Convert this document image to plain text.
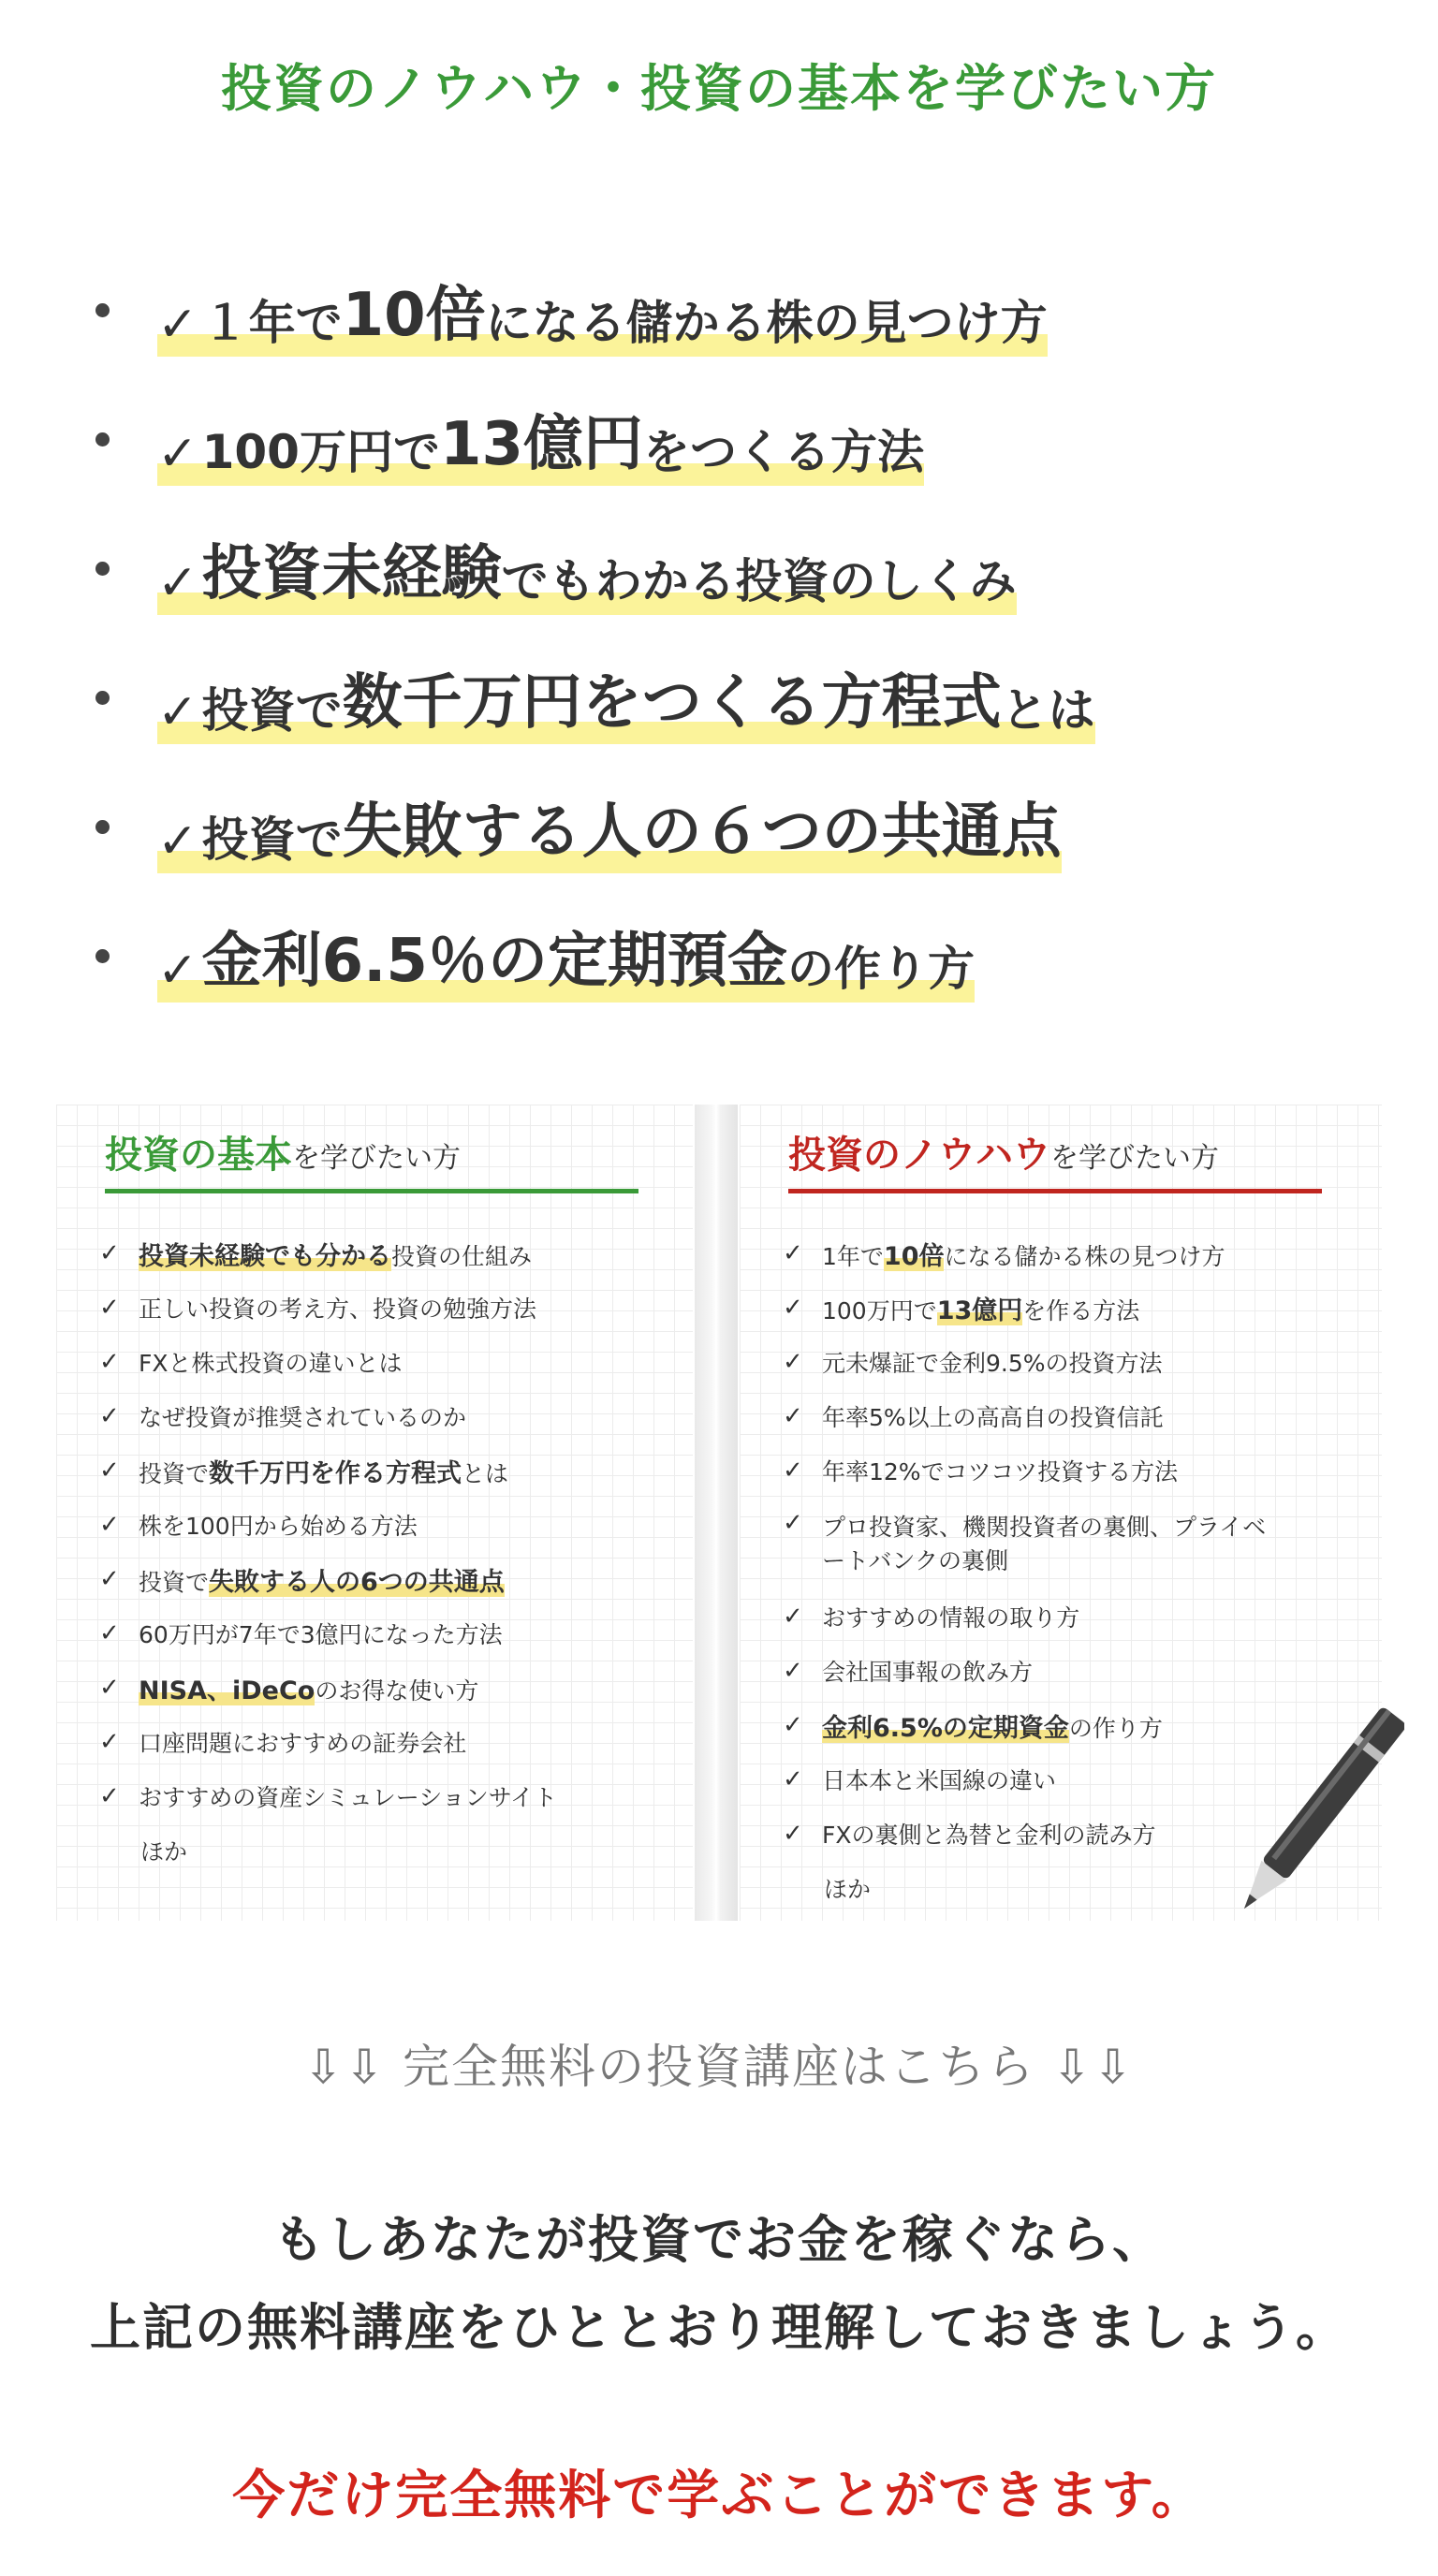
投資のノウハウ・投資の基本を学びたい方
✓ １年で 10倍 になる儲かる株の見つけ方
✓ 100万円で 13億円 をつくる方法
✓ 投資未経験 でもわかる投資のしくみ
✓ 投資で 数千万円をつくる方程式 とは
✓ 投資で 失敗する人の６つの共通点
✓ 金利6.5％の定期預金 の作り方
投資の基本を学びたい方
✓ 投資未経験でも分かる投資の仕組み
✓ 正しい投資の考え方、投資の勉強方法
✓ FXと株式投資の違いとは
✓ なぜ投資が推奨されているのか
✓ 投資で数千万円を作る方程式とは
✓ 株を100円から始める方法
✓ 投資で失敗する人の6つの共通点
✓ 60万円が7年で3億円になった方法
✓ NISA、iDeCoのお得な使い方
✓ 口座問題におすすめの証券会社
✓ おすすめの資産シミュレーションサイト
ほか
投資のノウハウを学びたい方
✓ 1年で10倍になる儲かる株の見つけ方
✓ 100万円で13億円を作る方法
✓ 元未爆証で金利9.5%の投資方法
✓ 年率5%以上の高高自の投資信託
✓ 年率12%でコツコツ投資する方法
✓ プロ投資家、機関投資者の裏側、プライベートバンクの裏側
✓ おすすめの情報の取り方
✓ 会社国事報の飲み方
✓ 金利6.5%の定期資金の作り方
✓ 日本本と米国線の違い
✓ FXの裏側と為替と金利の読み方
ほか
⇩⇩ 完全無料の投資講座はこちら ⇩⇩
もしあなたが投資でお金を稼ぐなら、
上記の無料講座をひととおり理解しておきましょう。
今だけ完全無料で学ぶことができます。
